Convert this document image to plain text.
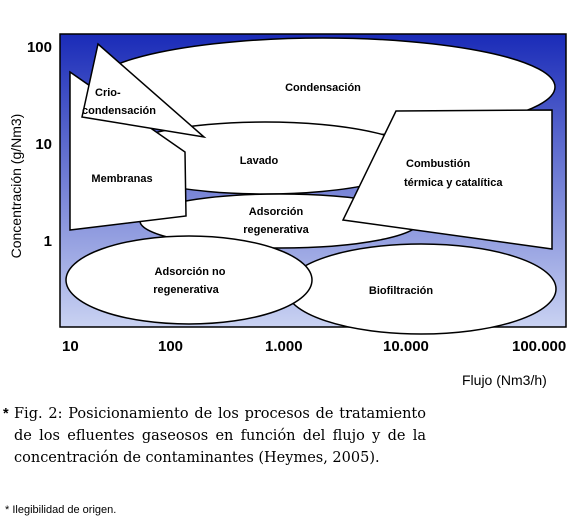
Condensación
Crio-
condensación
Lavado
Membranas
Combustión
térmica y catalítica
Adsorción
regenerativa
Adsorción no
regenerativa	Biofiltración
100
10
1
Concentración (g/Nm3)
10	100	1.000	10.000	100.000
Flujo (Nm3/h)
* Fig. 2: Posicionamiento de los procesos de tratamiento de los efluentes gaseosos en función del flujo y de la concentración de contaminantes (Heymes, 2005).
* Ilegibilidad de origen.
